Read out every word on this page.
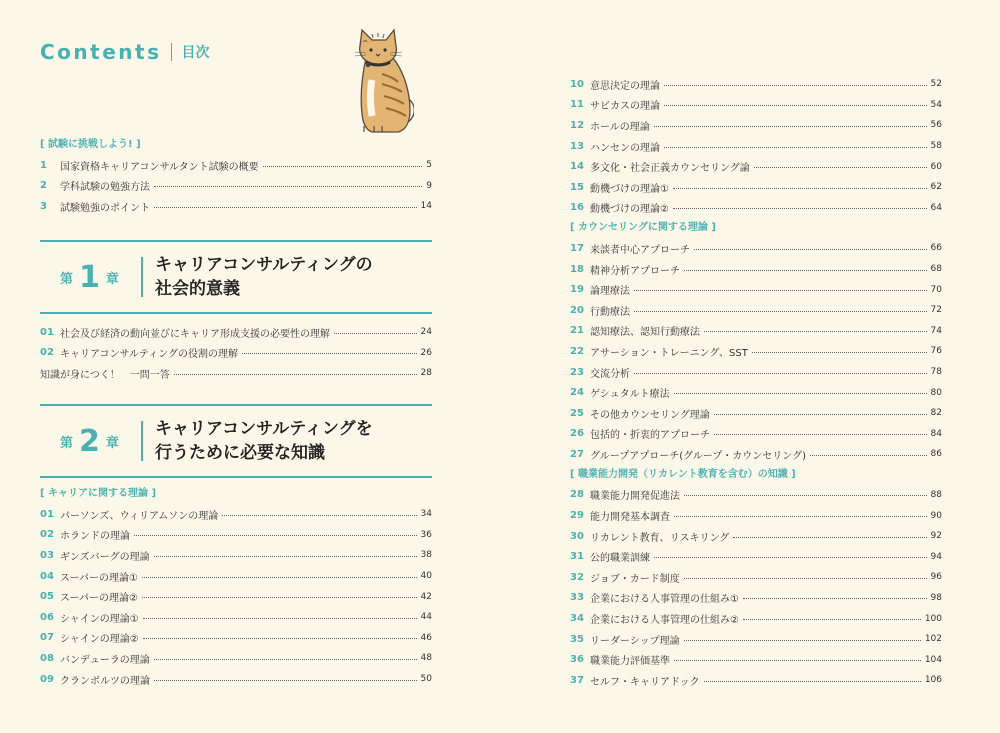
Contents 目次
[ 試験に挑戦しよう! ]
1	国家資格キャリアコンサルタント試験の概要	5
2	学科試験の勉強方法	9
3	試験勉強のポイント	14
第 1 章
キャリアコンサルティングの
社会的意義
01 社会及び経済の動向並びにキャリア形成支援の必要性の理解	24
02 キャリアコンサルティングの役割の理解	26
知識が身につく！　一問一答	28
第 2 章
キャリアコンサルティングを
行うために必要な知識
[ キャリアに関する理論 ]
01 パーソンズ、ウィリアムソンの理論	34
02 ホランドの理論	36
03 ギンズバーグの理論	38
04 スーパーの理論①	40
05 スーパーの理論②	42
06 シャインの理論①	44
07 シャインの理論②	46
08 バンデューラの理論	48
09 クランボルツの理論	50
10 意思決定の理論	52
11 サビカスの理論	54
12 ホールの理論	56
13 ハンセンの理論	58
14 多文化・社会正義カウンセリング論	60
15 動機づけの理論①	62
16 動機づけの理論②	64
[ カウンセリングに関する理論 ]
17 来談者中心アプローチ	66
18 精神分析アプローチ	68
19 論理療法	70
20 行動療法	72
21 認知療法、認知行動療法	74
22 アサーション・トレーニング、SST	76
23 交流分析	78
24 ゲシュタルト療法	80
25 その他カウンセリング理論	82
26 包括的・折衷的アプローチ	84
27 グループアプローチ(グループ・カウンセリング)	86
[ 職業能力開発（リカレント教育を含む）の知識 ]
28 職業能力開発促進法	88
29 能力開発基本調査	90
30 リカレント教育、リスキリング	92
31 公的職業訓練	94
32 ジョブ・カード制度	96
33 企業における人事管理の仕組み①	98
34 企業における人事管理の仕組み②	100
35 リーダーシップ理論	102
36 職業能力評価基準	104
37 セルフ・キャリアドック	106
